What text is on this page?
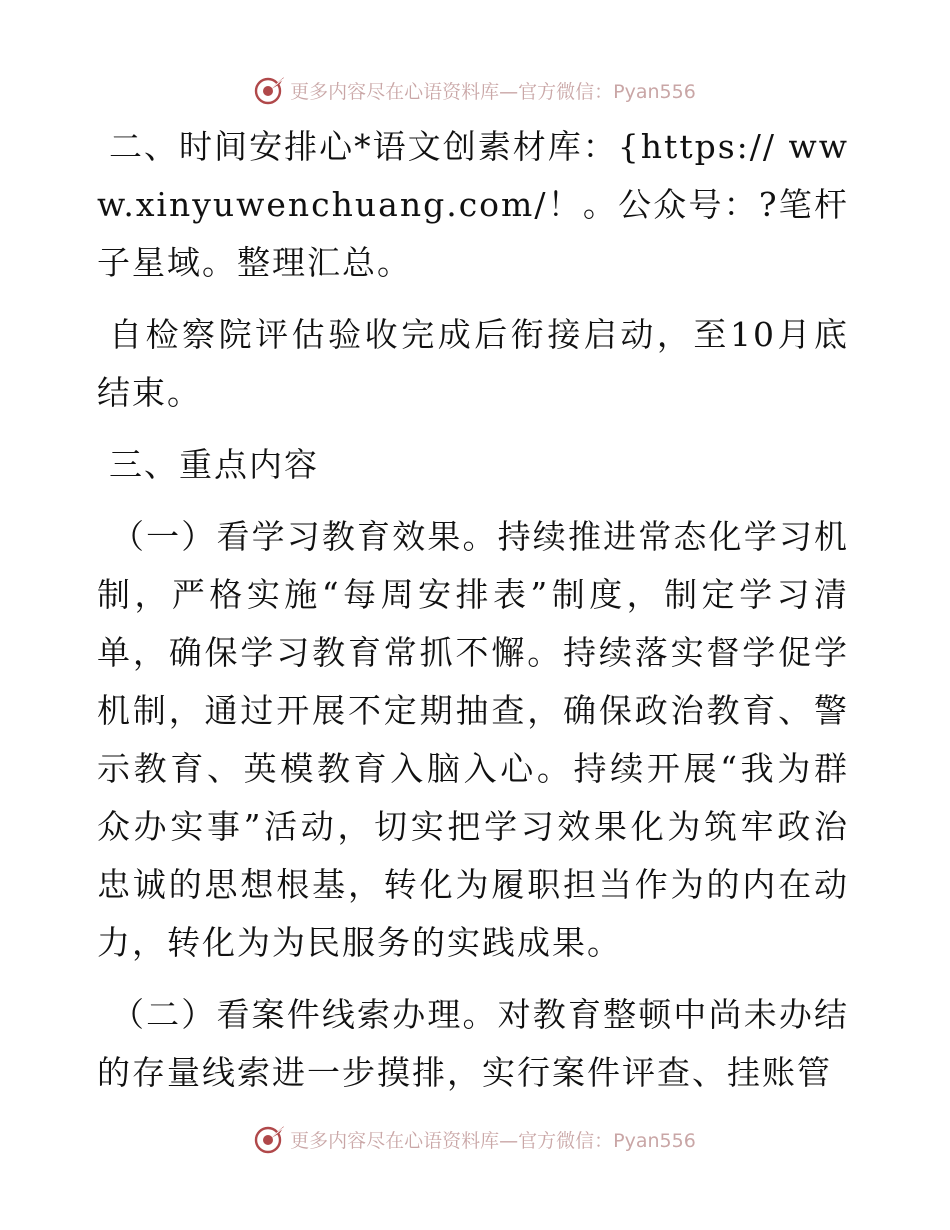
更多内容尽在心语资料库—官方微信：Pyan556

二、时间安排心*语文创素材库：{https:// www.xinyuwenchuang.com/！。公众号：?笔杆子星域。整理汇总。

自检察院评估验收完成后衔接启动，至10月底结束。

三、重点内容

（一）看学习教育效果。持续推进常态化学习机制，严格实施“每周安排表”制度，制定学习清单，确保学习教育常抓不懈。持续落实督学促学机制，通过开展不定期抽查，确保政治教育、警示教育、英模教育入脑入心。持续开展“我为群众办实事”活动，切实把学习效果化为筑牢政治忠诚的思想根基，转化为履职担当作为的内在动力，转化为为民服务的实践成果。

（二）看案件线索办理。对教育整顿中尚未办结的存量线索进一步摸排，实行案件评查、挂账管

更多内容尽在心语资料库—官方微信：Pyan556
